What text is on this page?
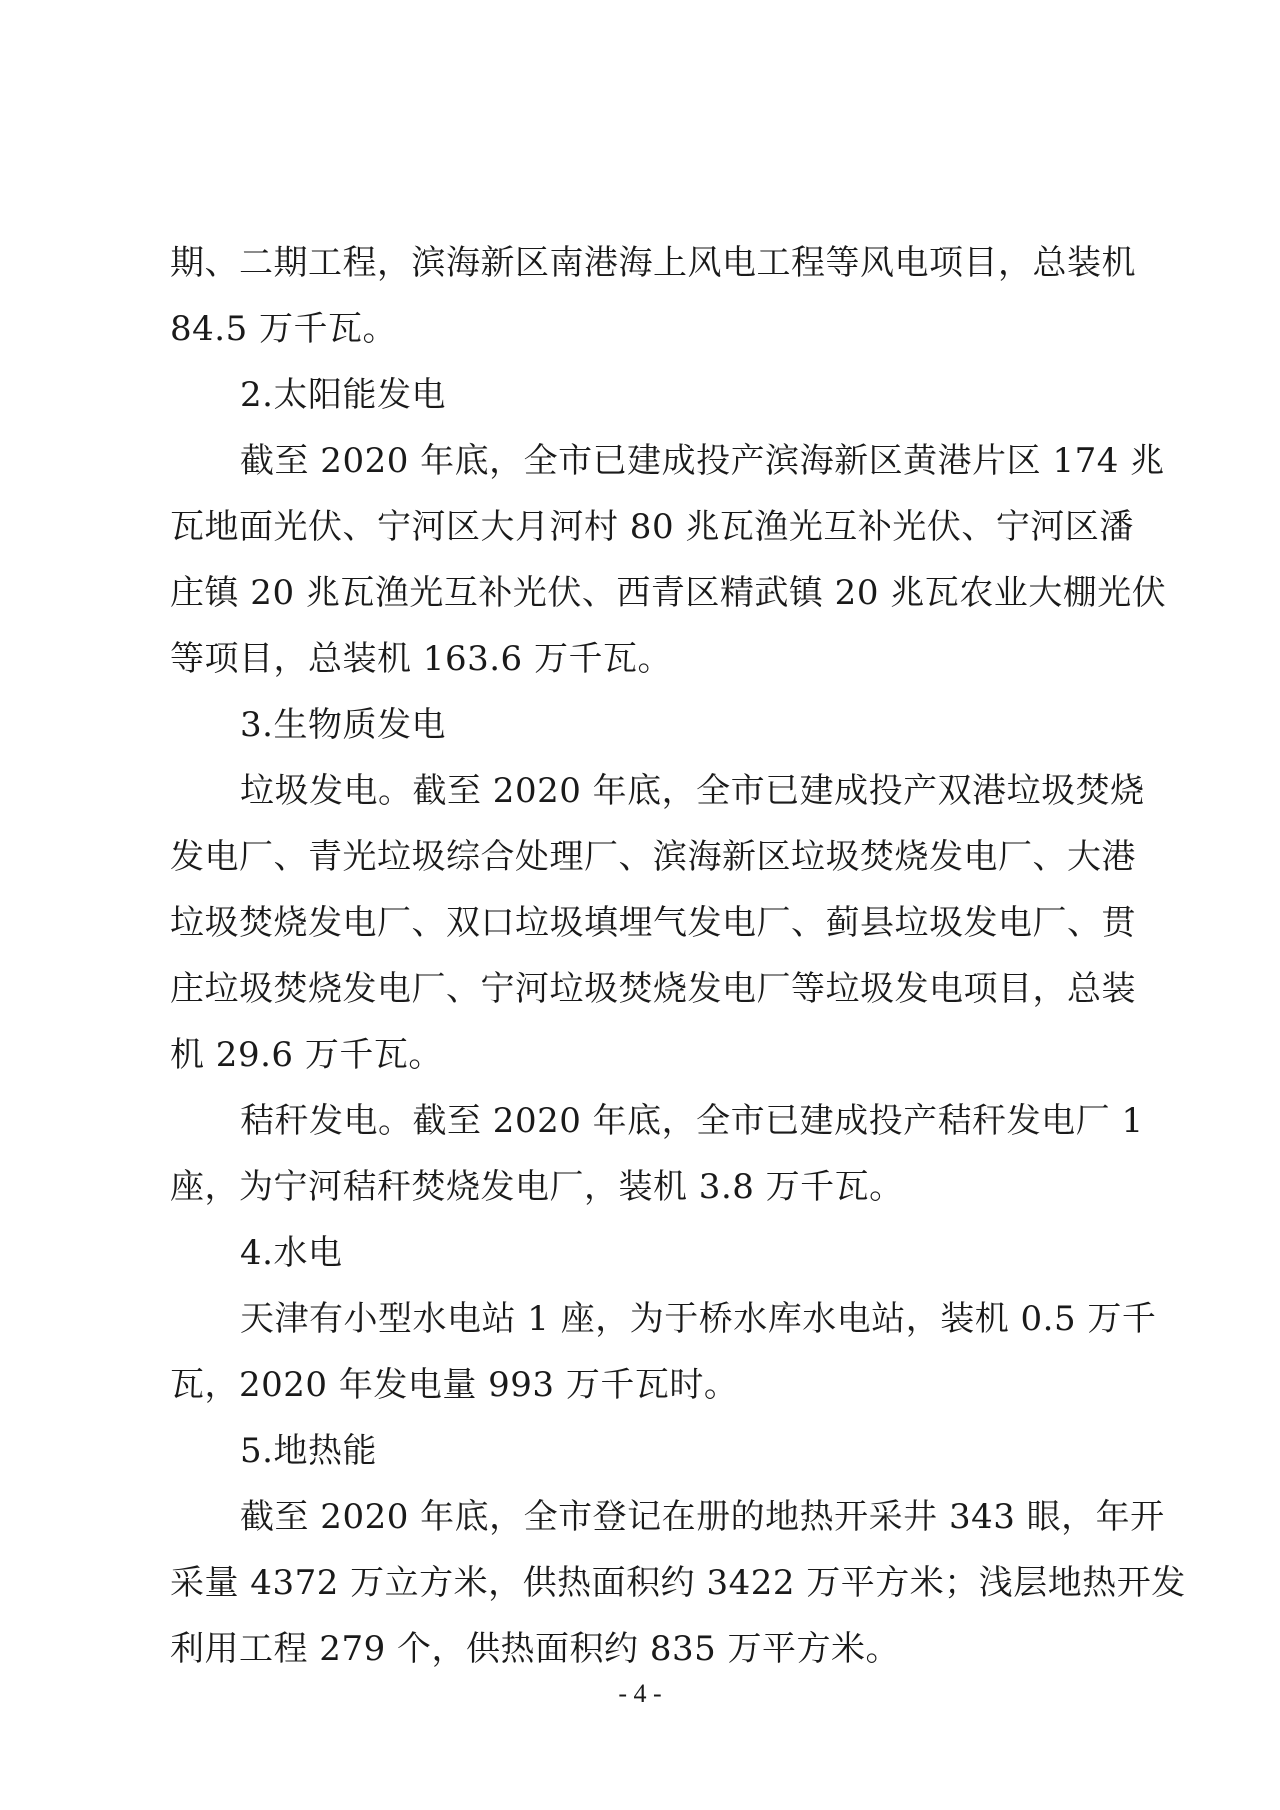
期、二期工程，滨海新区南港海上风电工程等风电项目，总装机
84.5 万千瓦。
2.太阳能发电
截至 2020 年底，全市已建成投产滨海新区黄港片区 174 兆
瓦地面光伏、宁河区大月河村 80 兆瓦渔光互补光伏、宁河区潘
庄镇 20 兆瓦渔光互补光伏、西青区精武镇 20 兆瓦农业大棚光伏
等项目，总装机 163.6 万千瓦。
3.生物质发电
垃圾发电。截至 2020 年底，全市已建成投产双港垃圾焚烧
发电厂、青光垃圾综合处理厂、滨海新区垃圾焚烧发电厂、大港
垃圾焚烧发电厂、双口垃圾填埋气发电厂、蓟县垃圾发电厂、贯
庄垃圾焚烧发电厂、宁河垃圾焚烧发电厂等垃圾发电项目，总装
机 29.6 万千瓦。
秸秆发电。截至 2020 年底，全市已建成投产秸秆发电厂 1
座，为宁河秸秆焚烧发电厂，装机 3.8 万千瓦。
4.水电
天津有小型水电站 1 座，为于桥水库水电站，装机 0.5 万千
瓦，2020 年发电量 993 万千瓦时。
5.地热能
截至 2020 年底，全市登记在册的地热开采井 343 眼，年开
采量 4372 万立方米，供热面积约 3422 万平方米；浅层地热开发
利用工程 279 个，供热面积约 835 万平方米。
- 4 -
